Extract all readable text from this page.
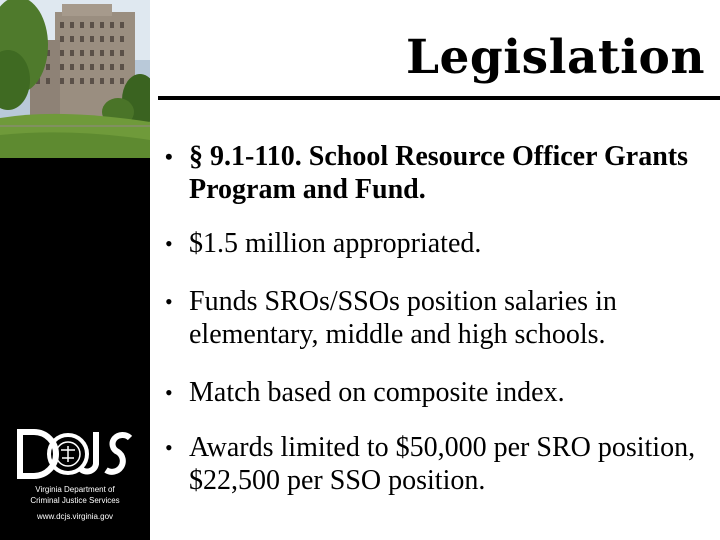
Virginia Department of
Criminal Justice Services
www.dcjs.virginia.gov
Legislation
• § 9.1-110. School Resource Officer Grants Program and Fund.
• $1.5 million appropriated.
• Funds SROs/SSOs position salaries in elementary, middle and high schools.
• Match based on composite index.
• Awards limited to $50,000 per SRO position, $22,500 per SSO position.
